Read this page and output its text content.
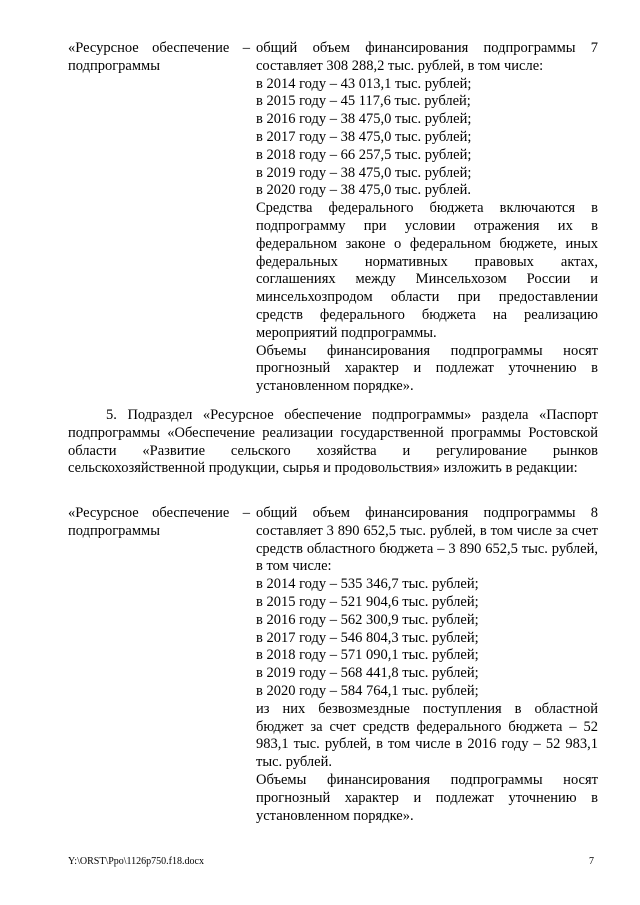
«Ресурсное обеспечение – подпрограммы
общий объем финансирования подпрограммы 7 составляет 308 288,2 тыс. рублей, в том числе:
в 2014 году – 43 013,1 тыс. рублей;
в 2015 году – 45 117,6 тыс. рублей;
в 2016 году – 38 475,0 тыс. рублей;
в 2017 году – 38 475,0 тыс. рублей;
в 2018 году – 66 257,5 тыс. рублей;
в 2019 году – 38 475,0 тыс. рублей;
в 2020 году – 38 475,0 тыс. рублей.
Средства федерального бюджета включаются в подпрограмму при условии отражения их в федеральном законе о федеральном бюджете, иных федеральных нормативных правовых актах, соглашениях между Минсельхозом России и минсельхозпродом области при предоставлении средств федерального бюджета на реализацию мероприятий подпрограммы.
Объемы финансирования подпрограммы носят прогнозный характер и подлежат уточнению в установленном порядке».
5. Подраздел «Ресурсное обеспечение подпрограммы» раздела «Паспорт подпрограммы «Обеспечение реализации государственной программы Ростовской области «Развитие сельского хозяйства и регулирование рынков сельскохозяйственной продукции, сырья и продовольствия» изложить в редакции:
«Ресурсное обеспечение – подпрограммы
общий объем финансирования подпрограммы 8 составляет 3 890 652,5 тыс. рублей, в том числе за счет средств областного бюджета – 3 890 652,5 тыс. рублей, в том числе:
в 2014 году – 535 346,7 тыс. рублей;
в 2015 году – 521 904,6 тыс. рублей;
в 2016 году – 562 300,9 тыс. рублей;
в 2017 году – 546 804,3 тыс. рублей;
в 2018 году – 571 090,1 тыс. рублей;
в 2019 году – 568 441,8 тыс. рублей;
в 2020 году – 584 764,1 тыс. рублей;
из них безвозмездные поступления в областной бюджет за счет средств федерального бюджета – 52 983,1 тыс. рублей, в том числе в 2016 году – 52 983,1 тыс. рублей.
Объемы финансирования подпрограммы носят прогнозный характер и подлежат уточнению в установленном порядке».
Y:\ORST\Ppo\1126p750.f18.docx	7
